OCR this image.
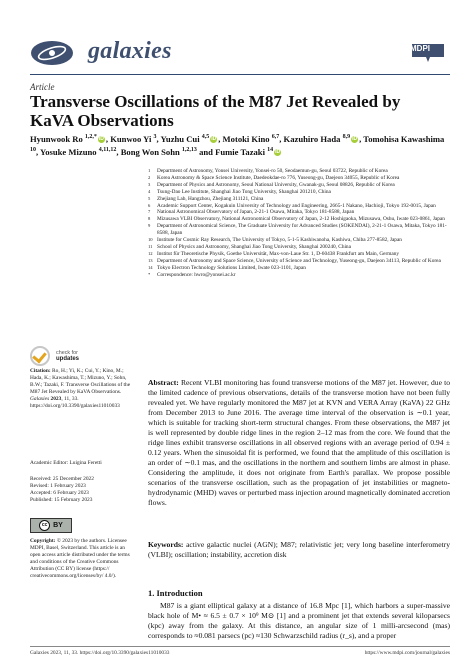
galaxies	MDPI
Article
Transverse Oscillations of the M87 Jet Revealed by KaVA Observations
Hyunwook Ro $^{1,2,*}$ iD , Kunwoo Yi $^3$, Yuzhu Cui $^{4,5}$ iD , Motoki Kino $^{6,7}$, Kazuhiro Hada $^{8,9}$ iD , Tomohisa Kawashima $^{10}$, Yosuke Mizuno $^{4,11,12}$, Bong Won Sohn $^{1,2,13}$ and Fumie Tazaki $^{14}$ iD
1	Department of Astronomy, Yonsei University, Yonsei-ro 50, Seodaemun-gu, Seoul 03722, Republic of Korea
2	Korea Astronomy & Space Science Institute, Daedeokdae-ro 776, Yuseong-gu, Daejeon 34055, Republic of Korea
3	Department of Physics and Astronomy, Seoul National University, Gwanak-gu, Seoul 08826, Republic of Korea
4	Tsung-Dao Lee Institute, Shanghai Jiao Tong University, Shanghai 201210, China
5	Zhejiang Lab, Hangzhou, Zhejiang 311121, China
6	Academic Support Center, Kogakuin University of Technology and Engineering, 2665-1 Nakano, Hachioji, Tokyo 192-0015, Japan
7	National Astronomical Observatory of Japan, 2-21-1 Osawa, Mitaka, Tokyo 181-8588, Japan
8	Mizusawa VLBI Observatory, National Astronomical Observatory of Japan, 2-12 Hoshigaoka, Mizusawa, Oshu, Iwate 023-0861, Japan
9	Department of Astronomical Science, The Graduate University for Advanced Studies (SOKENDAI), 2-21-1 Osawa, Mitaka, Tokyo 181-8588, Japan
10 Institute for Cosmic Ray Research, The University of Tokyo, 5-1-5 Kashiwanoha, Kashiwa, Chiba 277-8582, Japan
11 School of Physics and Astronomy, Shanghai Jiao Tong University, Shanghai 200240, China
12 Institut für Theoretische Physik, Goethe Universität, Max-von-Laue Str. 1, D-60438 Frankfurt am Main, Germany
13 Department of Astronomy and Space Science, University of Science and Technology, Yuseong-gu, Daejeon 34113, Republic of Korea
14 Tokyo Electron Technology Solutions Limited, Iwate 023-1101, Japan
*	Correspondence: hwro@yonsei.ac.kr
check for
updates
Citation: Ro, H.; Yi, K.; Cui, Y.; Kino, M.; Hada, K.; Kawashima, T.; Mizuno, Y.; Sohn, B.W.; Tazaki, F. Transverse Oscillations of the M87 Jet Revealed by KaVA Observations. Galaxies 2023, 11, 33. https://doi.org/10.3390/galaxies11010033
Academic Editor: Luigina Feretti
Received: 25 December 2022
Revised: 1 February 2023
Accepted: 6 February 2023
Published: 15 February 2023
cc BY
Copyright: © 2023 by the authors. Licensee MDPI, Basel, Switzerland. This article is an open access article distributed under the terms and conditions of the Creative Commons Attribution (CC BY) license (https:// creativecommons.org/licenses/by/ 4.0/).
Abstract: Recent VLBI monitoring has found transverse motions of the M87 jet. However, due to the limited cadence of previous observations, details of the transverse motion have not been fully revealed yet. We have regularly monitored the M87 jet at KVN and VERA Array (KaVA) 22 GHz from December 2013 to June 2016. The average time interval of the observation is ∼0.1 year, which is suitable for tracking short-term structural changes. From these observations, the M87 jet is well represented by double ridge lines in the region 2–12 mas from the core. We found that the ridge lines exhibit transverse oscillations in all observed regions with an average period of 0.94 ± 0.12 years. When the sinusoidal fit is performed, we found that the amplitude of this oscillation is an order of ∼0.1 mas, and the oscillations in the northern and southern limbs are almost in phase. Considering the amplitude, it does not originate from Earth's parallax. We propose possible scenarios of the transverse oscillation, such as the propagation of jet instabilities or magneto-hydrodynamic (MHD) waves or perturbed mass injection around magnetically dominated accretion flows.
Keywords: active galactic nuclei (AGN); M87; relativistic jet; very long baseline interferometry (VLBI); oscillation; instability, accretion disk
1. Introduction
M87 is a giant elliptical galaxy at a distance of 16.8 Mpc [1], which harbors a super-massive black hole of M• ≈ 6.5 ± 0.7 × 10⁹ M⊙ [1] and a prominent jet that extends several kiloparsecs (kpc) away from the galaxy. At this distance, an angular size of 1 milli-arcsecond (mas) corresponds to ≈0.081 parsecs (pc) ≈130 Schwarzschild radius (r_s), and a proper
Galaxies 2023, 11, 33. https://doi.org/10.3390/galaxies11010033	https://www.mdpi.com/journal/galaxies
